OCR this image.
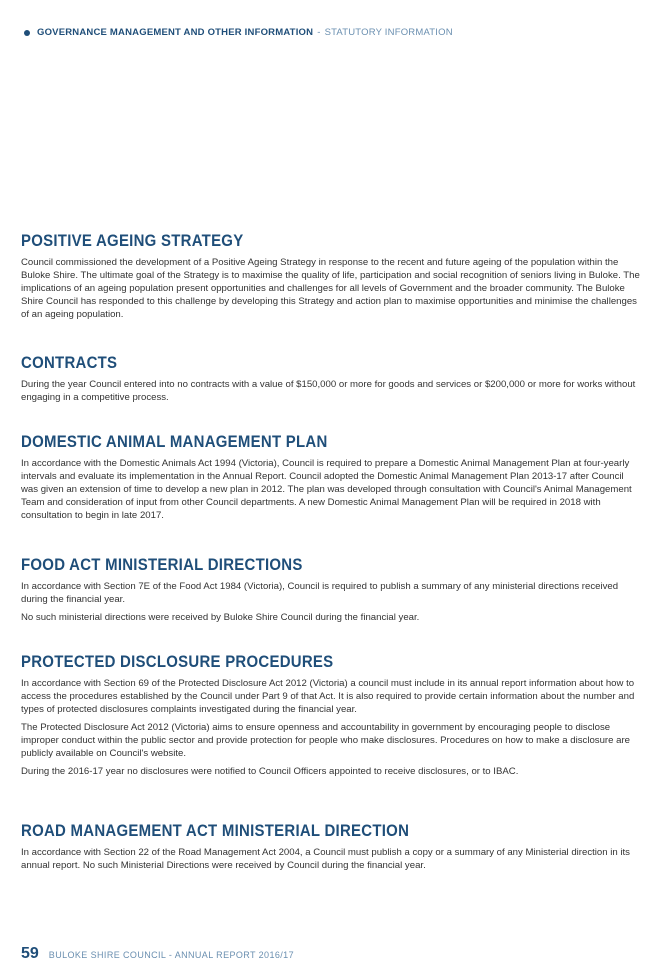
GOVERNANCE MANAGEMENT AND OTHER INFORMATION - STATUTORY INFORMATION
POSITIVE AGEING STRATEGY

Council commissioned the development of a Positive Ageing Strategy in response to the recent and future ageing of the population within the Buloke Shire. The ultimate goal of the Strategy is to maximise the quality of life, participation and social recognition of seniors living in Buloke. The implications of an ageing population present opportunities and challenges for all levels of Government and the broader community. The Buloke Shire Council has responded to this challenge by developing this Strategy and action plan to maximise opportunities and minimise the challenges of an ageing population.

CONTRACTS

During the year Council entered into no contracts with a value of $150,000 or more for goods and services or $200,000 or more for works without engaging in a competitive process.

DOMESTIC ANIMAL MANAGEMENT PLAN

In accordance with the Domestic Animals Act 1994 (Victoria), Council is required to prepare a Domestic Animal Management Plan at four-yearly intervals and evaluate its implementation in the Annual Report. Council adopted the Domestic Animal Management Plan 2013-17 after Council was given an extension of time to develop a new plan in 2012. The plan was developed through consultation with Council's Animal Management Team and consideration of input from other Council departments. A new Domestic Animal Management Plan will be required in 2018 with consultation to begin in late 2017.

FOOD ACT MINISTERIAL DIRECTIONS

In accordance with Section 7E of the Food Act 1984 (Victoria), Council is required to publish a summary of any ministerial directions received during the financial year.

No such ministerial directions were received by Buloke Shire Council during the financial year.

PROTECTED DISCLOSURE PROCEDURES

In accordance with Section 69 of the Protected Disclosure Act 2012 (Victoria) a council must include in its annual report information about how to access the procedures established by the Council under Part 9 of that Act. It is also required to provide certain information about the number and types of protected disclosures complaints investigated during the financial year.

The Protected Disclosure Act 2012 (Victoria) aims to ensure openness and accountability in government by encouraging people to disclose improper conduct within the public sector and provide protection for people who make disclosures. Procedures on how to make a disclosure are publicly available on Council's website.

During the 2016-17 year no disclosures were notified to Council Officers appointed to receive disclosures, or to IBAC.

ROAD MANAGEMENT ACT MINISTERIAL DIRECTION

In accordance with Section 22 of the Road Management Act 2004, a Council must publish a copy or a summary of any Ministerial direction in its annual report. No such Ministerial Directions were received by Council during the financial year.

59 BULOKE SHIRE COUNCIL - ANNUAL REPORT 2016/17
